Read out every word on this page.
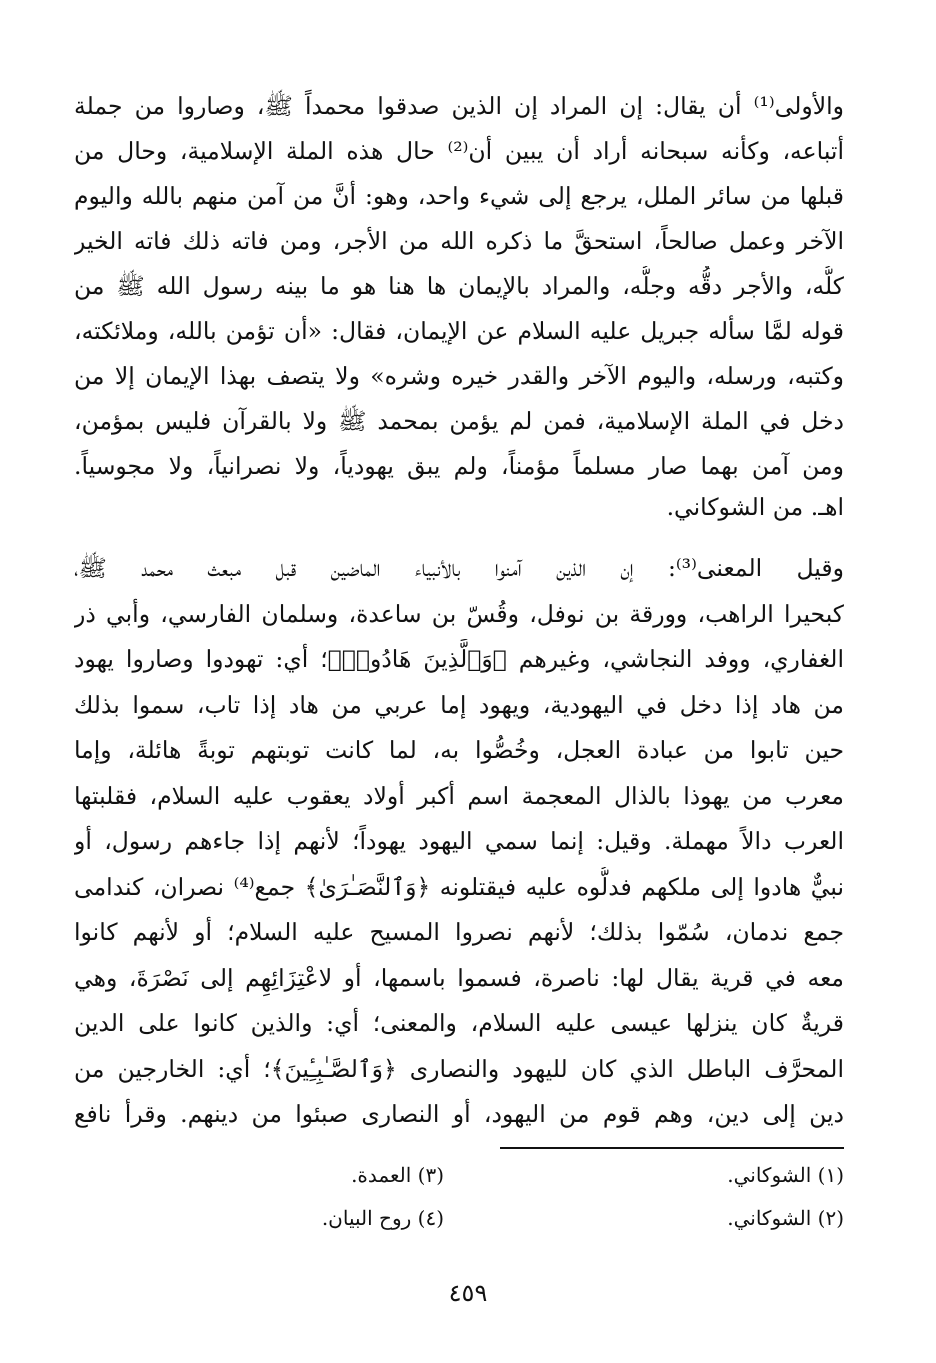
والأولى⁽¹⁾ أن يقال: إن المراد إن الذين صدقوا محمداً ﷺ، وصاروا من جملة
أتباعه، وكأنه سبحانه أراد أن يبين أن⁽²⁾ حال هذه الملة الإسلامية، وحال من
قبلها من سائر الملل، يرجع إلى شيء واحد، وهو: أنَّ من آمن منهم بالله واليوم
الآخر وعمل صالحاً، استحقَّ ما ذكره الله من الأجر، ومن فاته ذلك فاته الخير
كلُّه، والأجر دقُّه وجلُّه، والمراد بالإيمان ها هنا هو ما بينه رسول الله ﷺ من
قوله لمَّا سأله جبريل عليه السلام عن الإيمان، فقال: «أن تؤمن بالله، وملائكته،
وكتبه، ورسله، واليوم الآخر والقدر خيره وشره» ولا يتصف بهذا الإيمان إلا من
دخل في الملة الإسلامية، فمن لم يؤمن بمحمد ﷺ ولا بالقرآن فليس بمؤمن،
ومن آمن بهما صار مسلماً مؤمناً، ولم يبق يهودياً، ولا نصرانياً، ولا مجوسياً.
اهـ. من الشوكاني.
وقيل المعنى⁽³⁾: إن الذين آمنوا بالأنبياء الماضين قبل مبعث محمد ﷺ،
كبحيرا الراهب، وورقة بن نوفل، وقُسّ بن ساعدة، وسلمان الفارسي، وأبي ذر
الغفاري، ووفد النجاشي، وغيرهم ﴿وَٱلَّذِينَ هَادُوا۟﴾؛ أي: تهودوا وصاروا يهود
من هاد إذا دخل في اليهودية، ويهود إما عربي من هاد إذا تاب، سموا بذلك
حين تابوا من عبادة العجل، وخُصُّوا به، لما كانت توبتهم توبةً هائلة، وإما
معرب من يهوذا بالذال المعجمة اسم أكبر أولاد يعقوب عليه السلام، فقلبتها
العرب دالاً مهملة. وقيل: إنما سمي اليهود يهوداً؛ لأنهم إذا جاءهم رسول، أو
نبيٌّ هادوا إلى ملكهم فدلُّوه عليه فيقتلونه ﴿وَٱلنَّصَـٰرَىٰ﴾ جمع⁽⁴⁾ نصران، كندامى
جمع ندمان، سُمّوا بذلك؛ لأنهم نصروا المسيح عليه السلام؛ أو لأنهم كانوا
معه في قرية يقال لها: ناصرة، فسموا باسمها، أو لاعْتِزَائِهِم إلى نَصْرَةَ، وهي
قريةٌ كان ينزلها عيسى عليه السلام، والمعنى؛ أي: والذين كانوا على الدين
المحرَّف الباطل الذي كان لليهود والنصارى ﴿وَٱلصَّـٰبِـِٔينَ﴾؛ أي: الخارجين من
دين إلى دين، وهم قوم من اليهود، أو النصارى صبئوا من دينهم. وقرأ نافع
(١) الشوكاني.
(٣) العمدة.
(٢) الشوكاني.
(٤) روح البيان.
٤٥٩
